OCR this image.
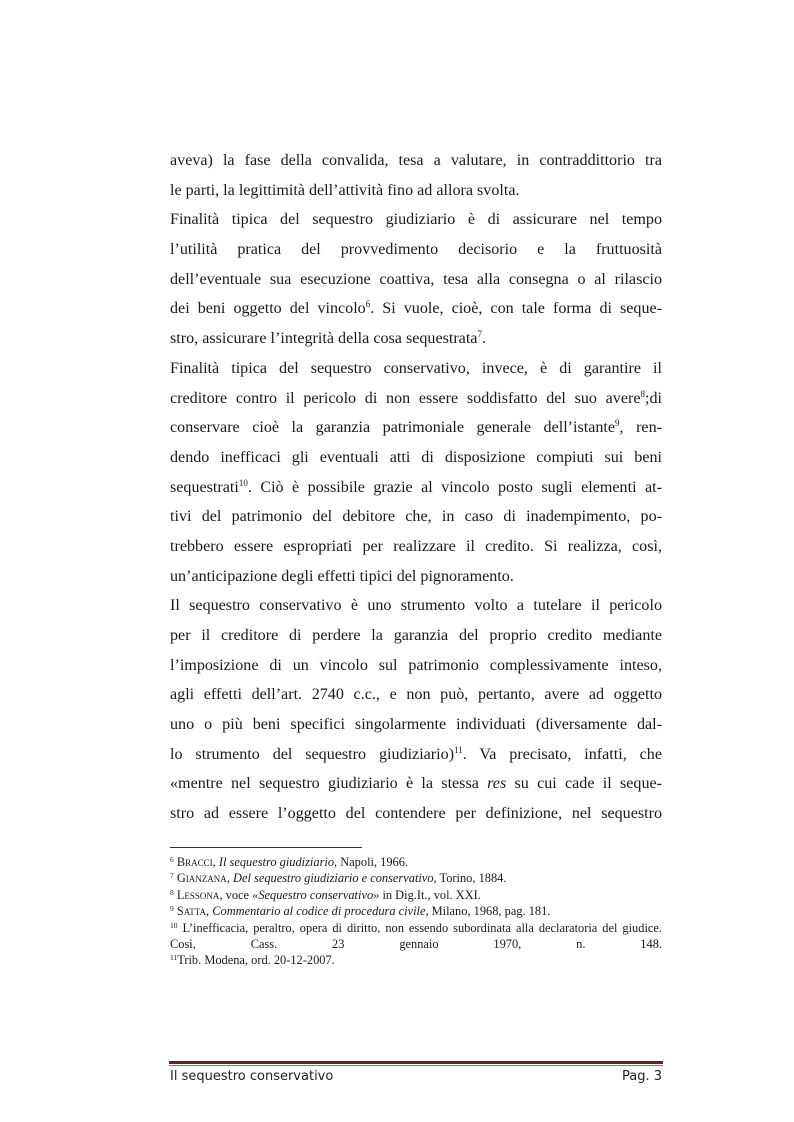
aveva) la fase della convalida, tesa a valutare, in contraddittorio tra
le parti, la legittimità dell’attività fino ad allora svolta.
Finalità tipica del sequestro giudiziario è di assicurare nel tempo
l’utilità pratica del provvedimento decisorio e la fruttuosità
dell’eventuale sua esecuzione coattiva, tesa alla consegna o al rilascio
dei beni oggetto del vincolo$^6$. Si vuole, cioè, con tale forma di seque-
stro, assicurare l’integrità della cosa sequestrata$^7$.
Finalità tipica del sequestro conservativo, invece, è di garantire il
creditore contro il pericolo di non essere soddisfatto del suo avere$^8$;di
conservare cioè la garanzia patrimoniale generale dell’istante$^9$, ren-
dendo inefficaci gli eventuali atti di disposizione compiuti sui beni
sequestrati$^{10}$. Ciò è possibile grazie al vincolo posto sugli elementi at-
tivi del patrimonio del debitore che, in caso di inadempimento, po-
trebbero essere espropriati per realizzare il credito. Si realizza, così,
un’anticipazione degli effetti tipici del pignoramento.
Il sequestro conservativo è uno strumento volto a tutelare il pericolo
per il creditore di perdere la garanzia del proprio credito mediante
l’imposizione di un vincolo sul patrimonio complessivamente inteso,
agli effetti dell’art. 2740 c.c., e non può, pertanto, avere ad oggetto
uno o più beni specifici singolarmente individuati (diversamente dal-
lo strumento del sequestro giudiziario)$^{11}$. Va precisato, infatti, che
«mentre nel sequestro giudiziario è la stessa res su cui cade il seque-
stro ad essere l’oggetto del contendere per definizione, nel sequestro
$^6$ Bracci, Il sequestro giudiziario, Napoli, 1966.
$^7$ Gianzana, Del sequestro giudiziario e conservativo, Torino, 1884.
$^8$ Lessona, voce «Sequestro conservativo» in Dig.It., vol. XXI.
$^9$ Satta, Commentario al codice di procedura civile, Milano, 1968, pag. 181.
$^{10}$ L’inefficacia, peraltro, opera di diritto, non essendo subordinata alla declaratoria del giudice. Così, Cass. 23 gennaio 1970, n. 148.
$^{11}$Trib. Modena, ord. 20-12-2007.
Il sequestro conservativo	Pag. 3
